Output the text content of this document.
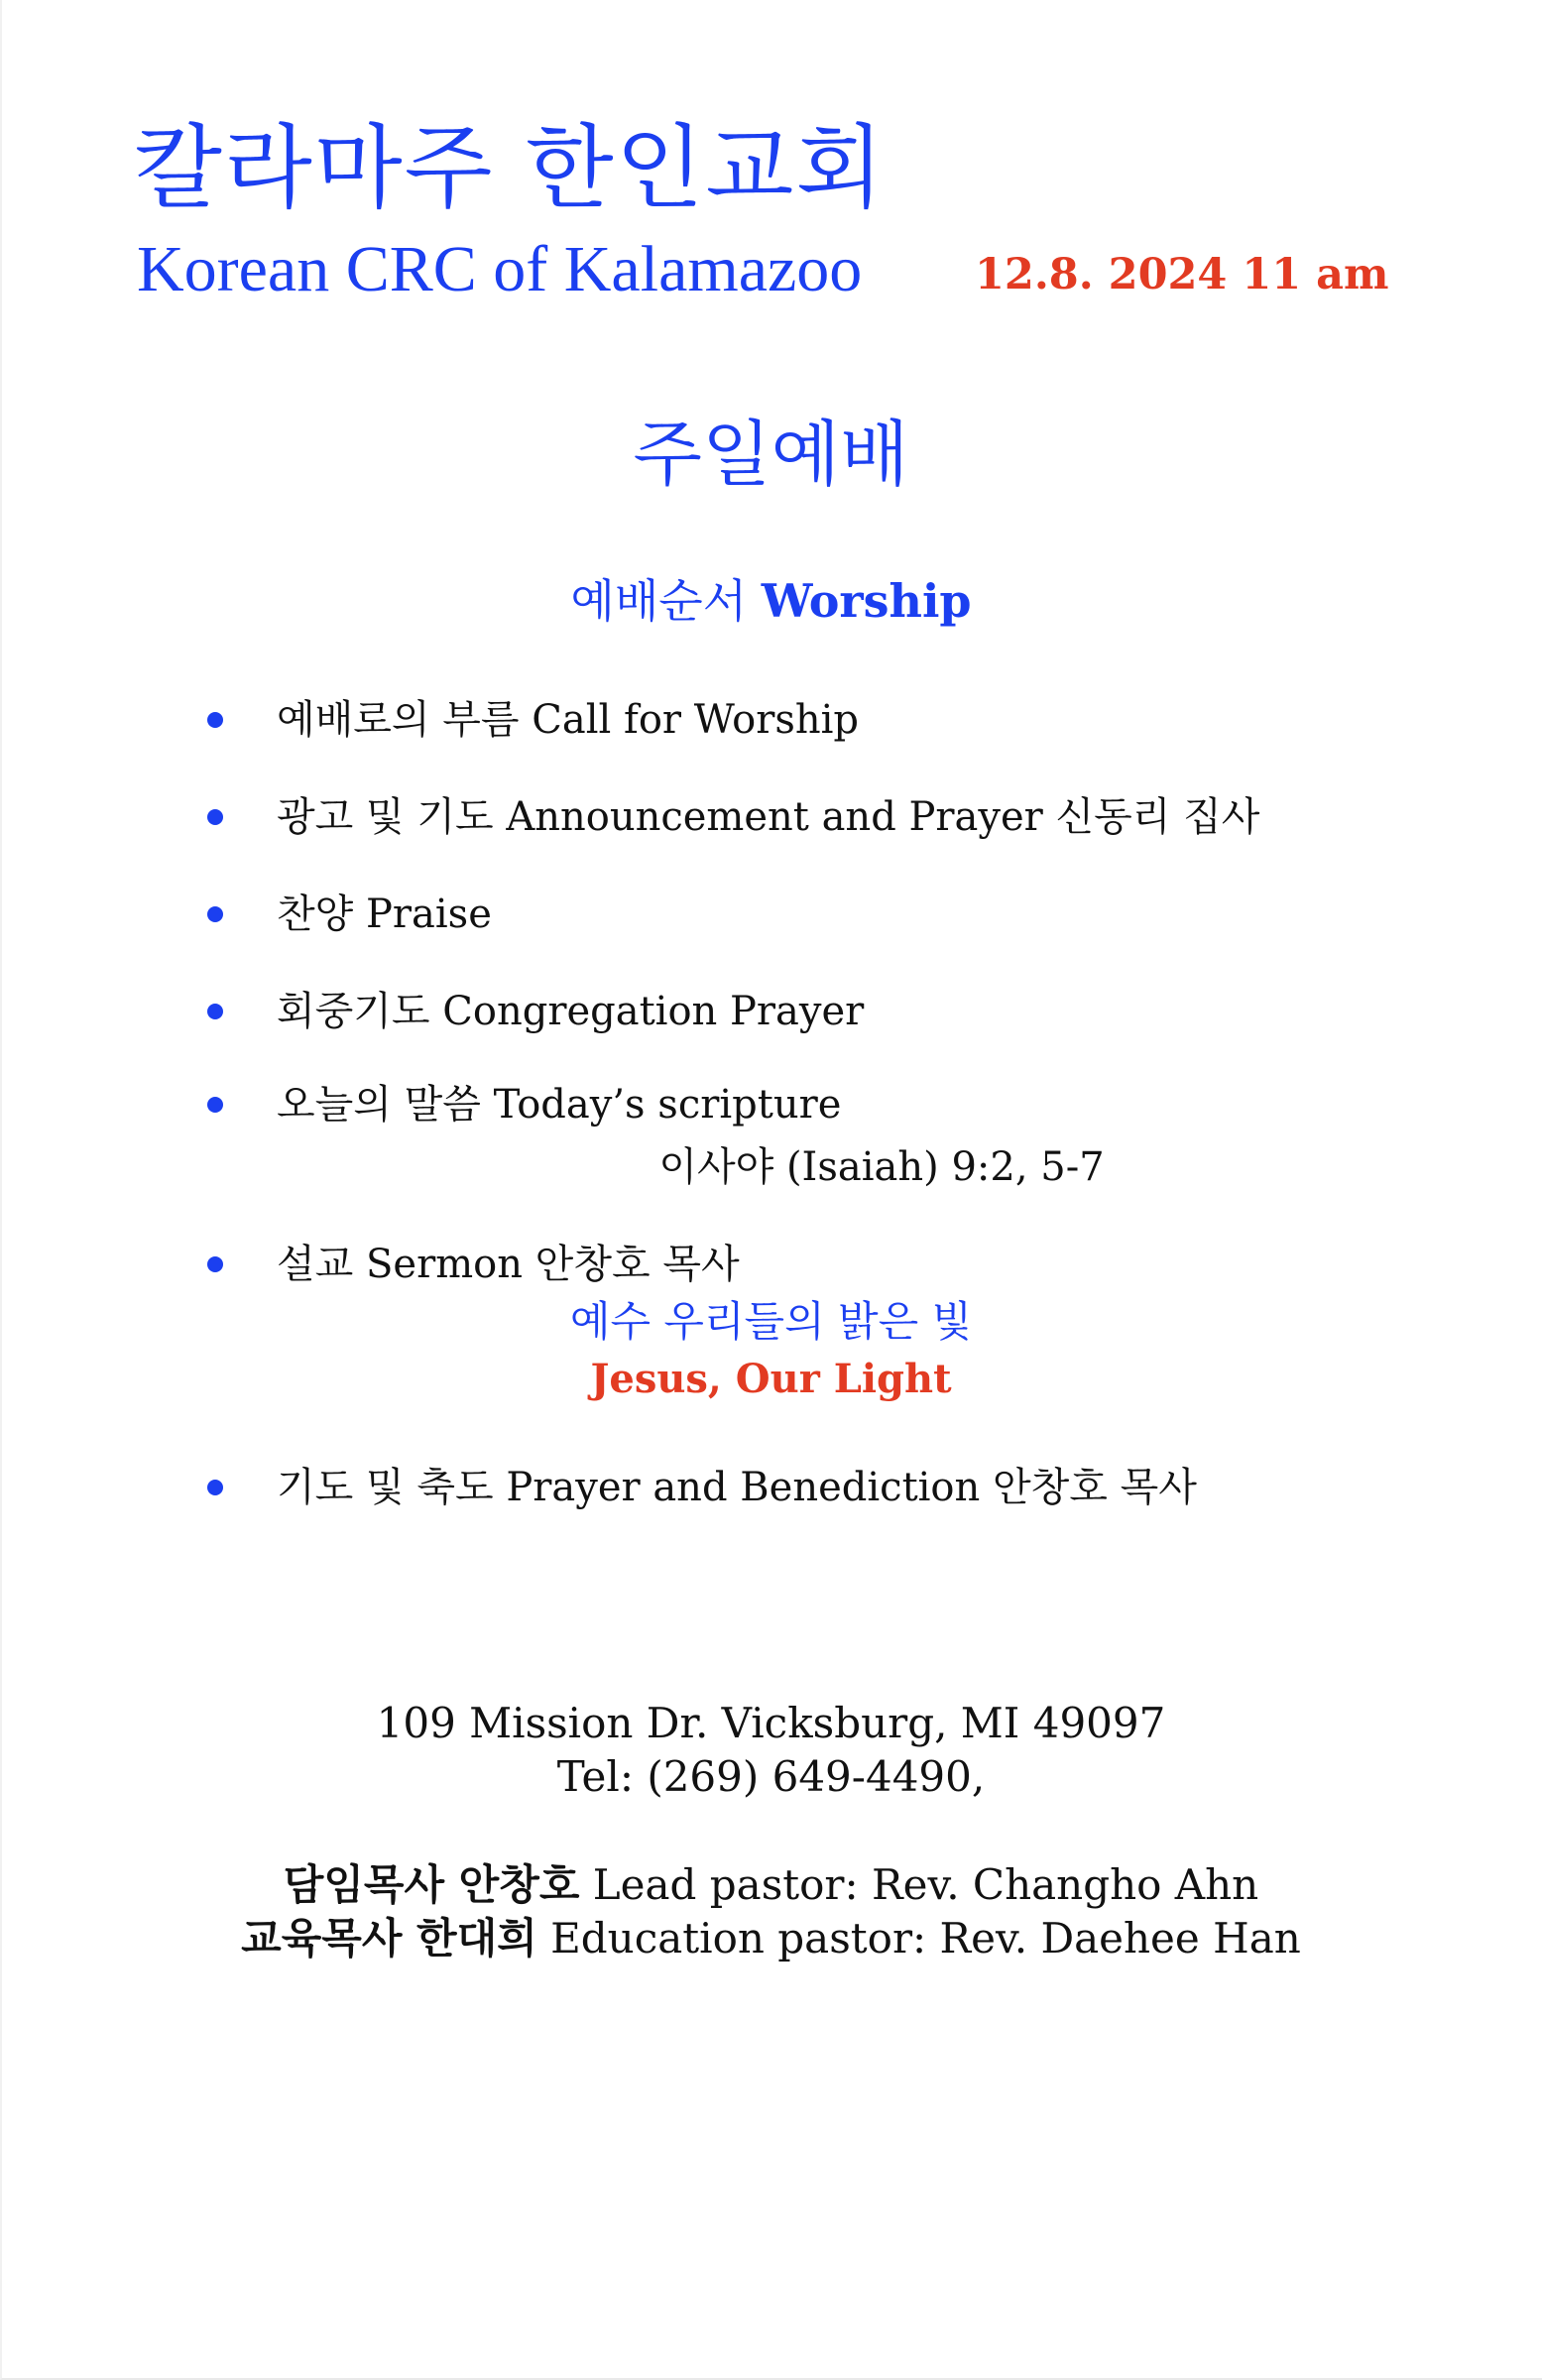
칼라마주 한인교회
Korean CRC of Kalamazoo	12.8. 2024 11 am
주일예배
예배순서 Worship
예배로의 부름 Call for Worship
광고 및 기도 Announcement and Prayer 신동리 집사
찬양 Praise
회중기도 Congregation Prayer
오늘의 말씀 Today’s scripture
이사야 (Isaiah) 9:2, 5-7
설교 Sermon 안창호 목사
예수 우리들의 밝은 빛
Jesus, Our Light
기도 및 축도 Prayer and Benediction 안창호 목사
109 Mission Dr. Vicksburg, MI 49097
Tel: (269) 649-4490,
담임목사 안창호 Lead pastor: Rev. Changho Ahn
교육목사 한대희 Education pastor: Rev. Daehee Han
